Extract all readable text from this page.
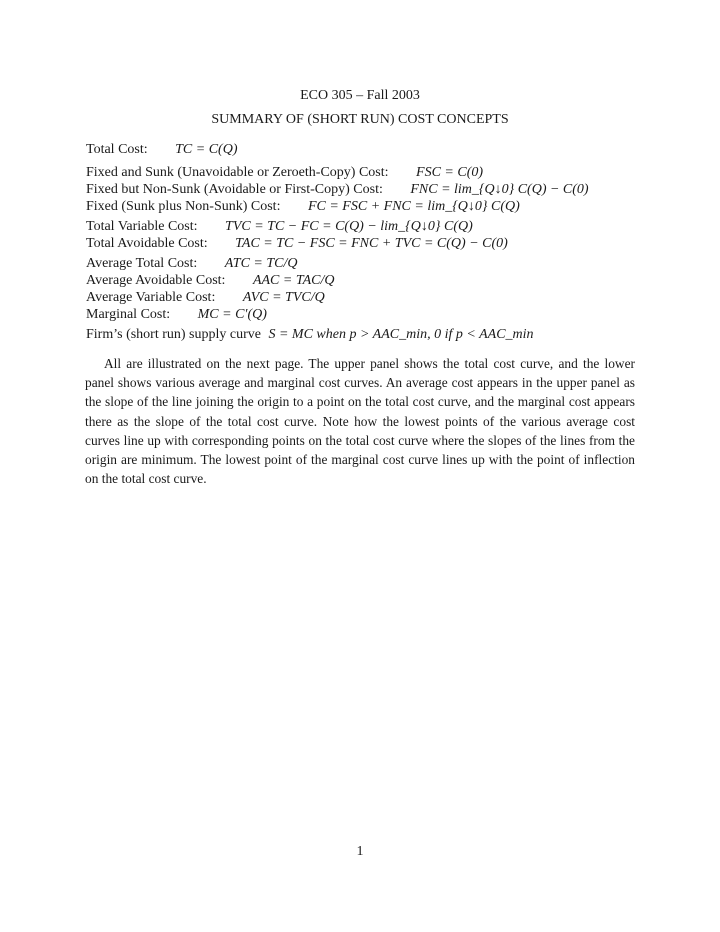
ECO 305 – Fall 2003
SUMMARY OF (SHORT RUN) COST CONCEPTS
Total Cost: TC = C(Q)
Fixed and Sunk (Unavoidable or Zeroeth-Copy) Cost: FSC = C(0)
Fixed but Non-Sunk (Avoidable or First-Copy) Cost: FNC = lim_{Q↓0} C(Q) − C(0)
Fixed (Sunk plus Non-Sunk) Cost: FC = FSC + FNC = lim_{Q↓0} C(Q)
Total Variable Cost: TVC = TC − FC = C(Q) − lim_{Q↓0} C(Q)
Total Avoidable Cost: TAC = TC − FSC = FNC + TVC = C(Q) − C(0)
Average Total Cost: ATC = TC/Q
Average Avoidable Cost: AAC = TAC/Q
Average Variable Cost: AVC = TVC/Q
Marginal Cost: MC = C′(Q)
Firm’s (short run) supply curve S = MC when p > AAC_min, 0 if p < AAC_min
All are illustrated on the next page. The upper panel shows the total cost curve, and the lower panel shows various average and marginal cost curves. An average cost appears in the upper panel as the slope of the line joining the origin to a point on the total cost curve, and the marginal cost appears there as the slope of the total cost curve. Note how the lowest points of the various average cost curves line up with corresponding points on the total cost curve where the slopes of the lines from the origin are minimum. The lowest point of the marginal cost curve lines up with the point of inflection on the total cost curve.
1
